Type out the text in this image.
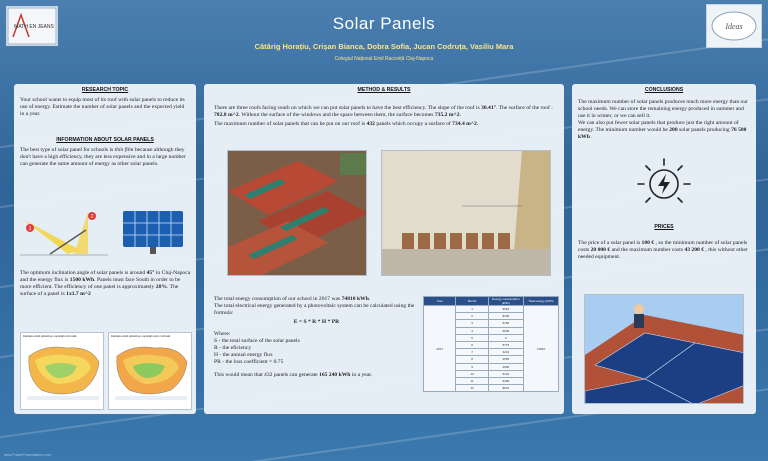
MATH EN JEANS	Solar Panels
Câtârig Horațiu, Crișan Bianca, Dobra Sofia, Jucan Codruța, Vasiliu Mara
Colegiul Național Emil Racoviță Cluj-Napoca
Ideas
RESEARCH TOPIC

Your school wants to equip most of its roof with solar panels to reduce its use of energy. Estimate the number of solar panels and the expected yield in a year.

INFORMATION ABOUT SOLAR PANELS

The best type of solar panel for schools is thin film because although they don't have a high efficiency, they are less expensive and in a large number can generate the same amount of energy as other solar panels.

1
2

The optimum inclination angle of solar panels is around 45° in Cluj-Napoca and the energy flux is 1500 kWh. Panels must face South in order to be more efficient. The efficiency of one panel is approximately 20%. The surface of a panel is 1x1.7 m^2

Radiația solară globală pe suprafață orizontală	Radiația solară globală pe suprafață optim înclinată
METHOD & RESULTS

There are three roofs facing south on which we can put solar panels to have the best efficiency. The slope of the roof is 30.41°. The surface of the roof : 782.8 m^2. Without the surface of the windows and the space between them, the surface becomes 735.2 m^2.

The maximum number of solar panels that can be put on our roof is 432 panels which occupy a surface of 734.4 m^2.

The total energy consumption of our school in 2017 was 74810 kWh.

The total electrical energy generated by a photovoltaic system can be calculated using the formula:

E = S * R * H * PR

Where:

S - the total surface of the solar panels

R - the eficiency

H - the annual energy flux

PR - the loss coefficient = 0.75

This would mean that 432 panels can generate 165 240 kWh in a year.

Year	Month	Energy consumption (kWh)	Total energy (kWh)
2017	1	9954	74810
	2	8196	
	3	9155	
	4	6045	
	5	0	
	6	5773	
	7	3241	
	8	2555	
	9	2960	
	10	5101	
	11	9409	
	12	8921	
CONCLUSIONS

The maximum number of solar panels produces much more energy than our school needs. We can store the remaining energy produced in summer and use it in winter, or we can sell it.

We can also put fewer solar panels that produce just the right amount of energy. The minimum number would be 200 solar panels producing 76 500 kWh .

PRICES

The price of a solar panel is 100 € , so the minimum number of solar panels costs 20 000 € and the maximum number costs 43 200 € , this without other needed equipment.

www.PosterPresentations.com
